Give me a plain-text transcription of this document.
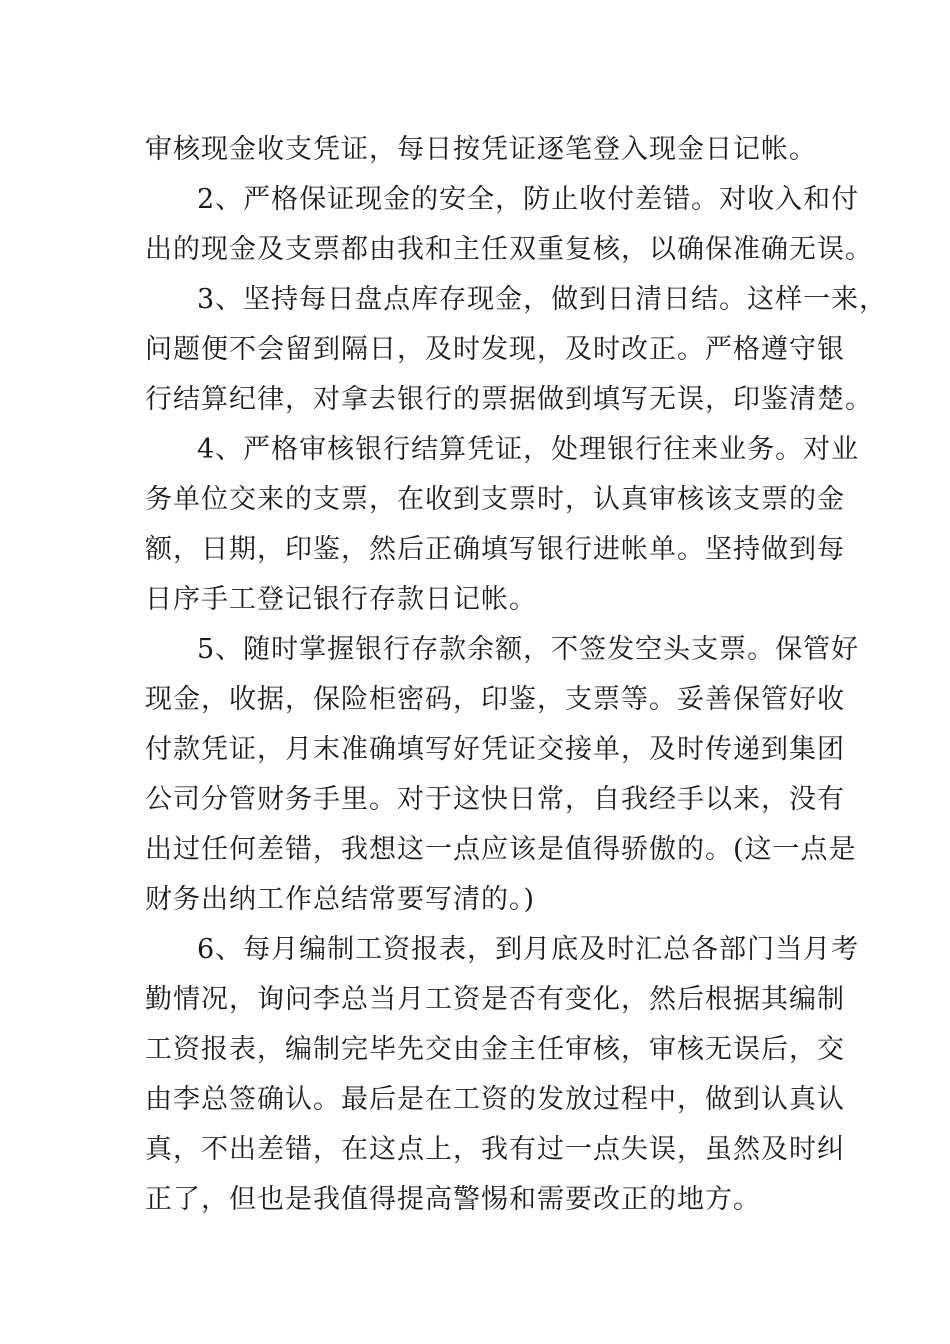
审核现金收支凭证，每日按凭证逐笔登入现金日记帐。

2、严格保证现金的安全，防止收付差错。对收入和付

出的现金及支票都由我和主任双重复核，以确保准确无误。

3、坚持每日盘点库存现金，做到日清日结。这样一来，

问题便不会留到隔日，及时发现，及时改正。严格遵守银

行结算纪律，对拿去银行的票据做到填写无误，印鉴清楚。

4、严格审核银行结算凭证，处理银行往来业务。对业

务单位交来的支票，在收到支票时，认真审核该支票的金

额，日期，印鉴，然后正确填写银行进帐单。坚持做到每

日序手工登记银行存款日记帐。

5、随时掌握银行存款余额，不签发空头支票。保管好

现金，收据，保险柜密码，印鉴，支票等。妥善保管好收

付款凭证，月末准确填写好凭证交接单，及时传递到集团

公司分管财务手里。对于这快日常，自我经手以来，没有

出过任何差错，我想这一点应该是值得骄傲的。(这一点是

财务出纳工作总结常要写清的。)

6、每月编制工资报表，到月底及时汇总各部门当月考

勤情况，询问李总当月工资是否有变化，然后根据其编制

工资报表，编制完毕先交由金主任审核，审核无误后，交

由李总签确认。最后是在工资的发放过程中，做到认真认

真，不出差错，在这点上，我有过一点失误，虽然及时纠

正了，但也是我值得提高警惕和需要改正的地方。
